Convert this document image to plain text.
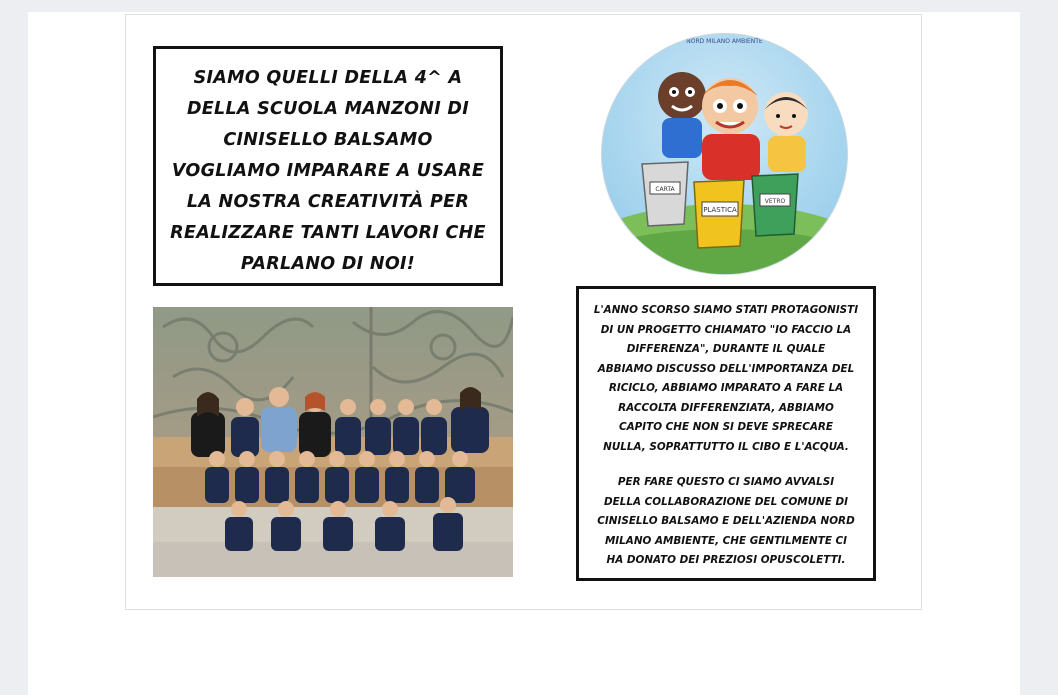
SIAMO QUELLI DELLA 4^ A
DELLA SCUOLA MANZONI DI
CINISELLO BALSAMO
VOGLIAMO IMPARARE A USARE
LA NOSTRA CREATIVITÀ PER
REALIZZARE TANTI LAVORI CHE
PARLANO DI NOI!
NORD MILANO AMBIENTE
CARTA
PLASTICA
VETRO
L'ANNO SCORSO SIAMO STATI PROTAGONISTI
DI UN PROGETTO CHIAMATO "IO FACCIO LA
DIFFERENZA", DURANTE IL QUALE
ABBIAMO DISCUSSO DELL'IMPORTANZA DEL
RICICLO, ABBIAMO IMPARATO A FARE LA
RACCOLTA DIFFERENZIATA, ABBIAMO
CAPITO CHE NON SI DEVE SPRECARE
NULLA, SOPRATTUTTO IL CIBO E L'ACQUA.
PER FARE QUESTO CI SIAMO AVVALSI
DELLA COLLABORAZIONE DEL COMUNE DI
CINISELLO BALSAMO E DELL'AZIENDA NORD
MILANO AMBIENTE, CHE GENTILMENTE CI
HA DONATO DEI PREZIOSI OPUSCOLETTI.
